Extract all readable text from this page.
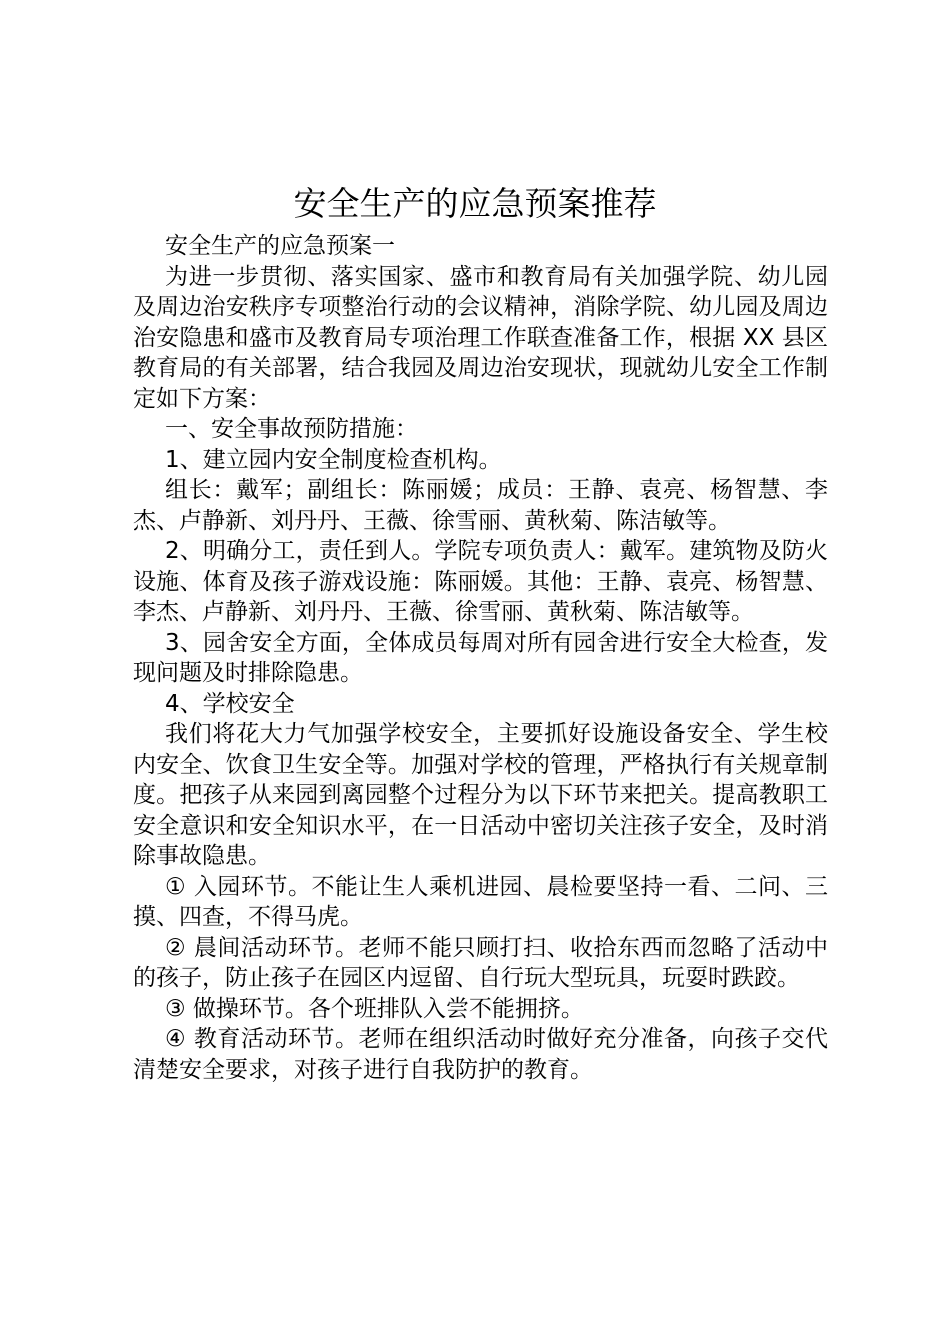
安全生产的应急预案推荐

安全生产的应急预案一

为进一步贯彻、落实国家、盛市和教育局有关加强学院、幼儿园及周边治安秩序专项整治行动的会议精神，消除学院、幼儿园及周边治安隐患和盛市及教育局专项治理工作联查准备工作，根据 XX 县区教育局的有关部署，结合我园及周边治安现状，现就幼儿安全工作制定如下方案：

一、安全事故预防措施：

1、建立园内安全制度检查机构。

组长：戴军；副组长：陈丽媛；成员：王静、袁亮、杨智慧、李杰、卢静新、刘丹丹、王薇、徐雪丽、黄秋菊、陈洁敏等。

2、明确分工，责任到人。学院专项负责人：戴军。建筑物及防火设施、体育及孩子游戏设施：陈丽媛。其他：王静、袁亮、杨智慧、李杰、卢静新、刘丹丹、王薇、徐雪丽、黄秋菊、陈洁敏等。

3、园舍安全方面，全体成员每周对所有园舍进行安全大检查，发现问题及时排除隐患。

4、学校安全

我们将花大力气加强学校安全，主要抓好设施设备安全、学生校内安全、饮食卫生安全等。加强对学校的管理，严格执行有关规章制度。把孩子从来园到离园整个过程分为以下环节来把关。提高教职工安全意识和安全知识水平，在一日活动中密切关注孩子安全，及时消除事故隐患。

① 入园环节。不能让生人乘机进园、晨检要坚持一看、二问、三摸、四查，不得马虎。

② 晨间活动环节。老师不能只顾打扫、收拾东西而忽略了活动中的孩子，防止孩子在园区内逗留、自行玩大型玩具，玩耍时跌跤。

③ 做操环节。各个班排队入尝不能拥挤。

④ 教育活动环节。老师在组织活动时做好充分准备，向孩子交代清楚安全要求，对孩子进行自我防护的教育。
